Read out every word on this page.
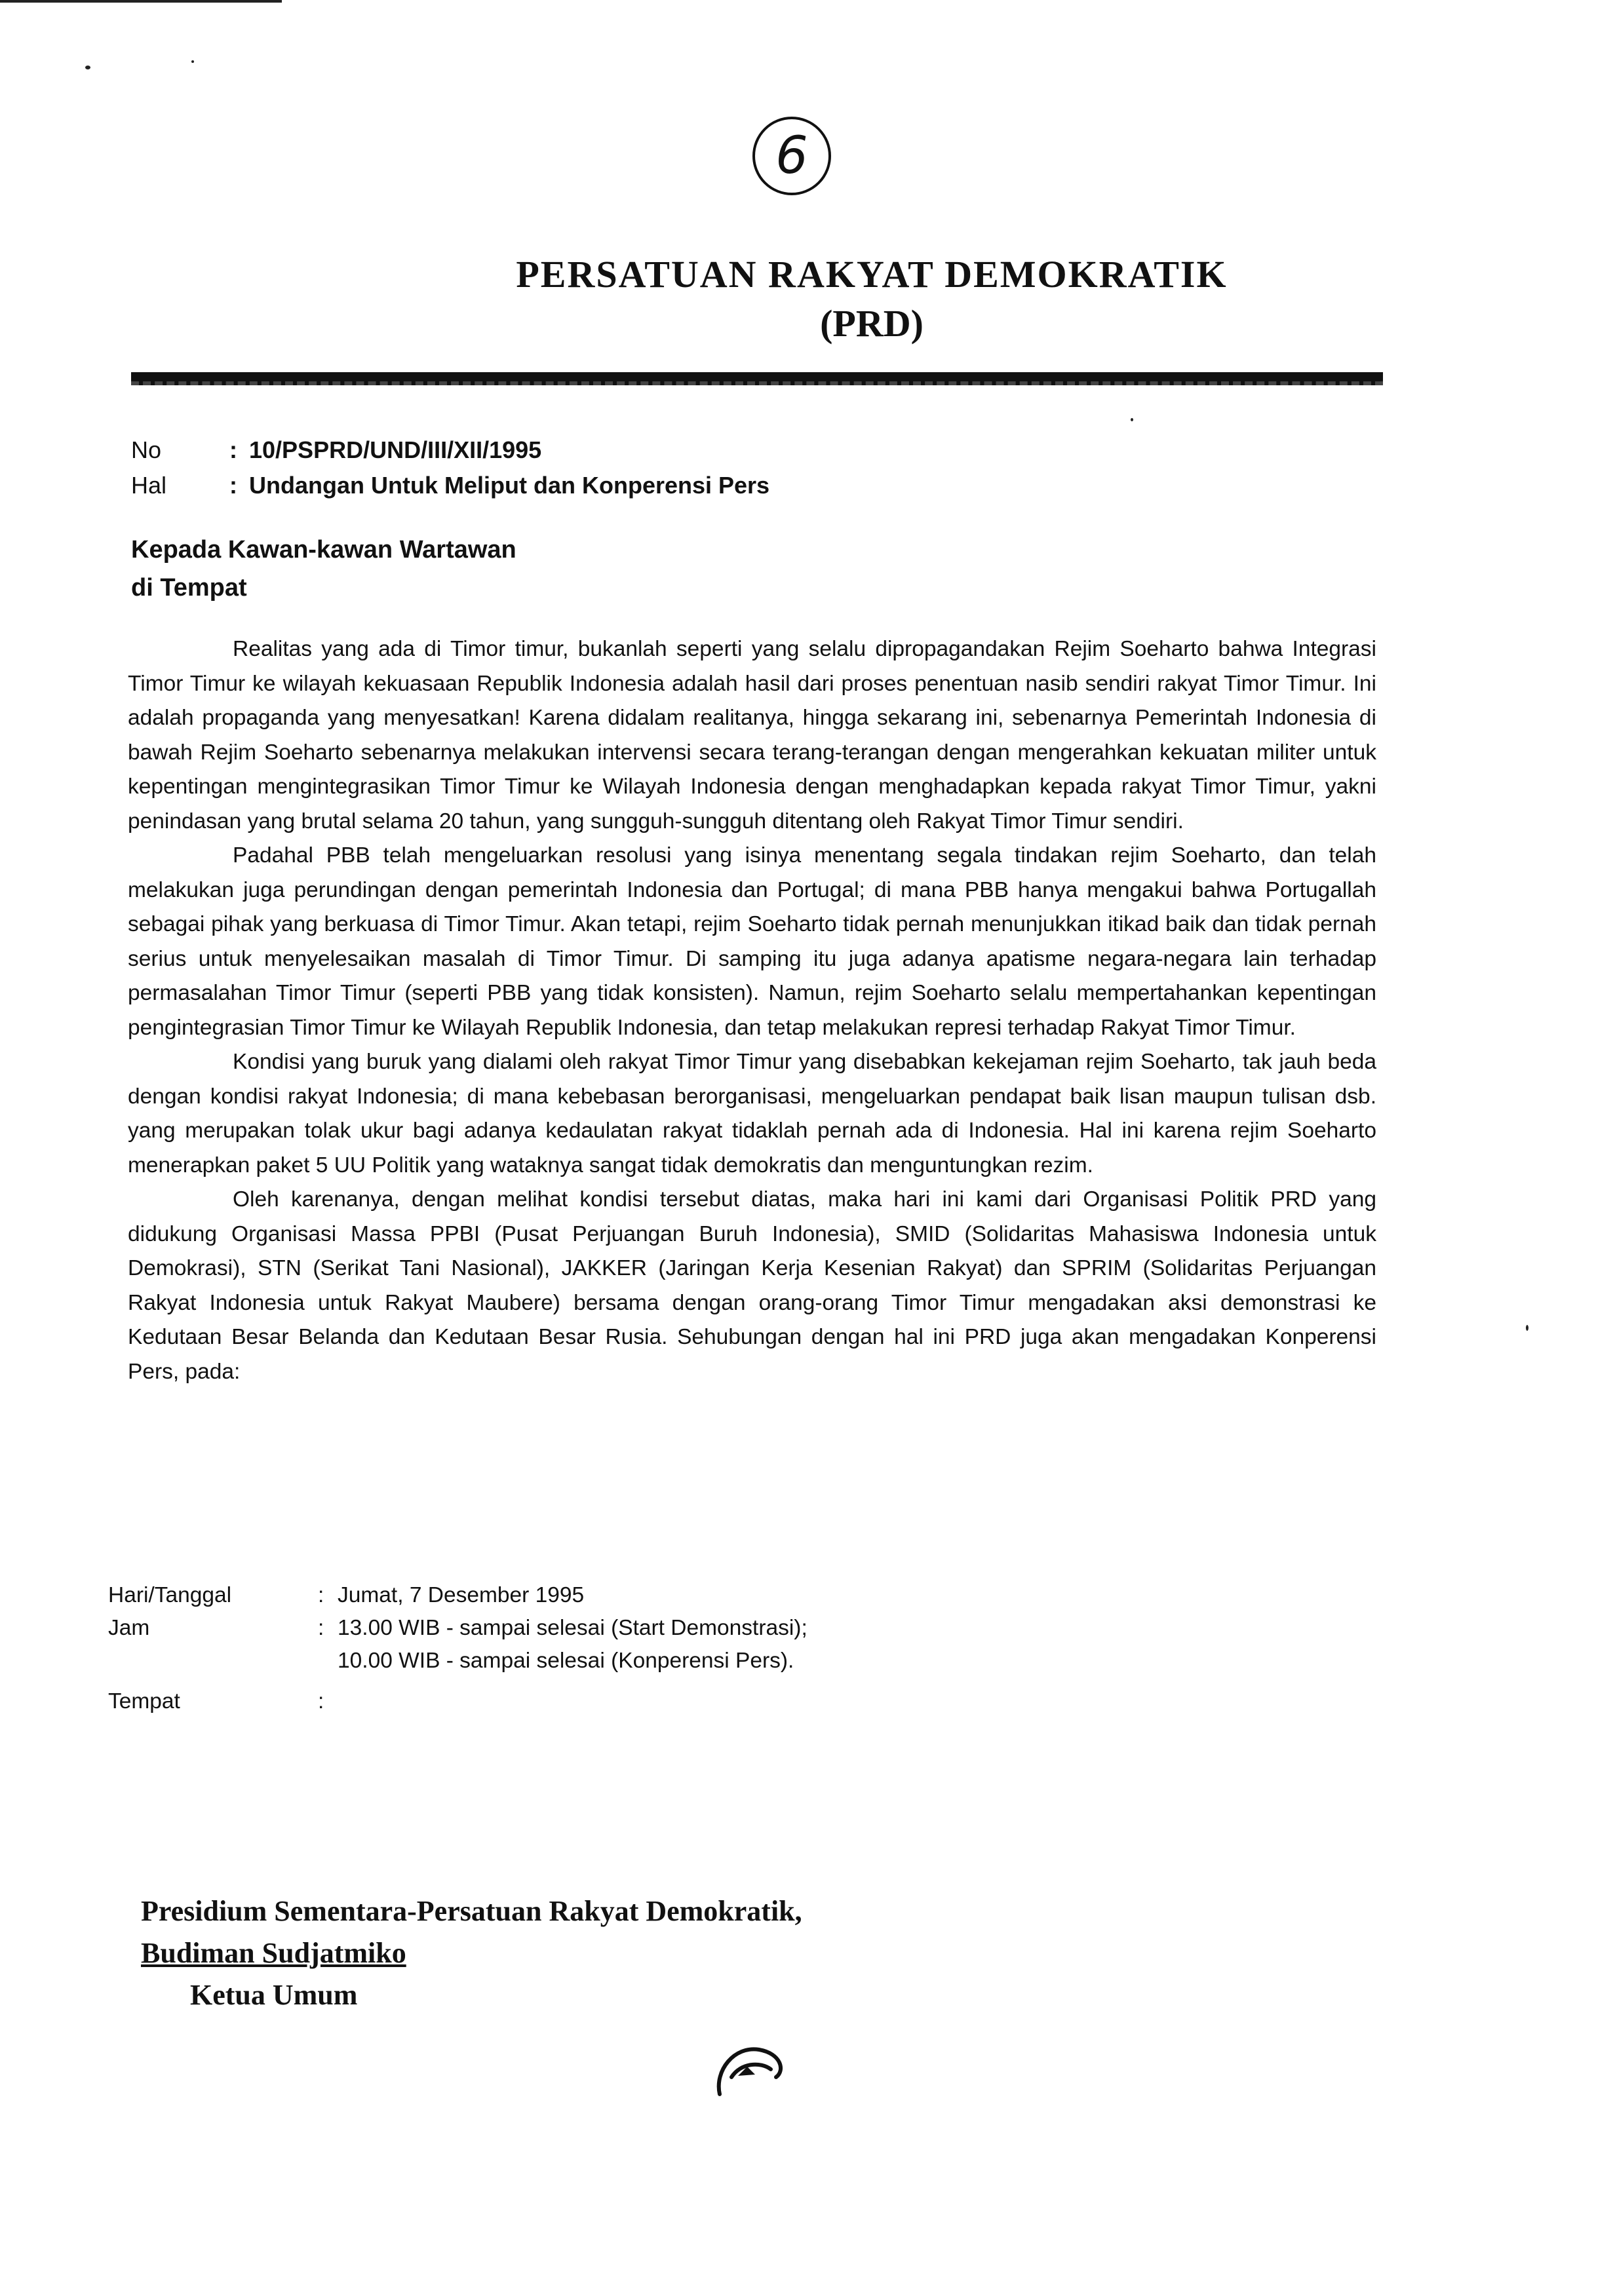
6
PERSATUAN RAKYAT DEMOKRATIK
(PRD)
No	: 10/PSPRD/UND/III/XII/1995
Hal	: Undangan Untuk Meliput dan Konperensi Pers
Kepada Kawan-kawan Wartawan
di Tempat

Realitas yang ada di Timor timur, bukanlah seperti yang selalu dipropagandakan Rejim Soeharto bahwa Integrasi Timor Timur ke wilayah kekuasaan Republik Indonesia adalah hasil dari proses penentuan nasib sendiri rakyat Timor Timur. Ini adalah propaganda yang menyesatkan! Karena didalam realitanya, hingga sekarang ini, sebenarnya Pemerintah Indonesia di bawah Rejim Soeharto sebenarnya melakukan intervensi secara terang-terangan dengan mengerahkan kekuatan militer untuk kepentingan mengintegrasikan Timor Timur ke Wilayah Indonesia dengan menghadapkan kepada rakyat Timor Timur, yakni penindasan yang brutal selama 20 tahun, yang sungguh-sungguh ditentang oleh Rakyat Timor Timur sendiri.

Padahal PBB telah mengeluarkan resolusi yang isinya menentang segala tindakan rejim Soeharto, dan telah melakukan juga perundingan dengan pemerintah Indonesia dan Portugal; di mana PBB hanya mengakui bahwa Portugallah sebagai pihak yang berkuasa di Timor Timur. Akan tetapi, rejim Soeharto tidak pernah menunjukkan itikad baik dan tidak pernah serius untuk menyelesaikan masalah di Timor Timur. Di samping itu juga adanya apatisme negara-negara lain terhadap permasalahan Timor Timur (seperti PBB yang tidak konsisten). Namun, rejim Soeharto selalu mempertahankan kepentingan pengintegrasian Timor Timur ke Wilayah Republik Indonesia, dan tetap melakukan represi terhadap Rakyat Timor Timur.

Kondisi yang buruk yang dialami oleh rakyat Timor Timur yang disebabkan kekejaman rejim Soeharto, tak jauh beda dengan kondisi rakyat Indonesia; di mana kebebasan berorganisasi, mengeluarkan pendapat baik lisan maupun tulisan dsb. yang merupakan tolak ukur bagi adanya kedaulatan rakyat tidaklah pernah ada di Indonesia. Hal ini karena rejim Soeharto menerapkan paket 5 UU Politik yang wataknya sangat tidak demokratis dan menguntungkan rezim.

Oleh karenanya, dengan melihat kondisi tersebut diatas, maka hari ini kami dari Organisasi Politik PRD yang didukung Organisasi Massa PPBI (Pusat Perjuangan Buruh Indonesia), SMID (Solidaritas Mahasiswa Indonesia untuk Demokrasi), STN (Serikat Tani Nasional), JAKKER (Jaringan Kerja Kesenian Rakyat) dan SPRIM (Solidaritas Perjuangan Rakyat Indonesia untuk Rakyat Maubere) bersama dengan orang-orang Timor Timur mengadakan aksi demonstrasi ke Kedutaan Besar Belanda dan Kedutaan Besar Rusia. Sehubungan dengan hal ini PRD juga akan mengadakan Konperensi Pers, pada:

Hari/Tanggal	: Jumat, 7 Desember 1995
Jam	: 13.00 WIB - sampai selesai (Start Demonstrasi);
10.00 WIB - sampai selesai (Konperensi Pers).
Tempat	:
Presidium Sementara-Persatuan Rakyat Demokratik,
Budiman Sudjatmiko
Ketua Umum
